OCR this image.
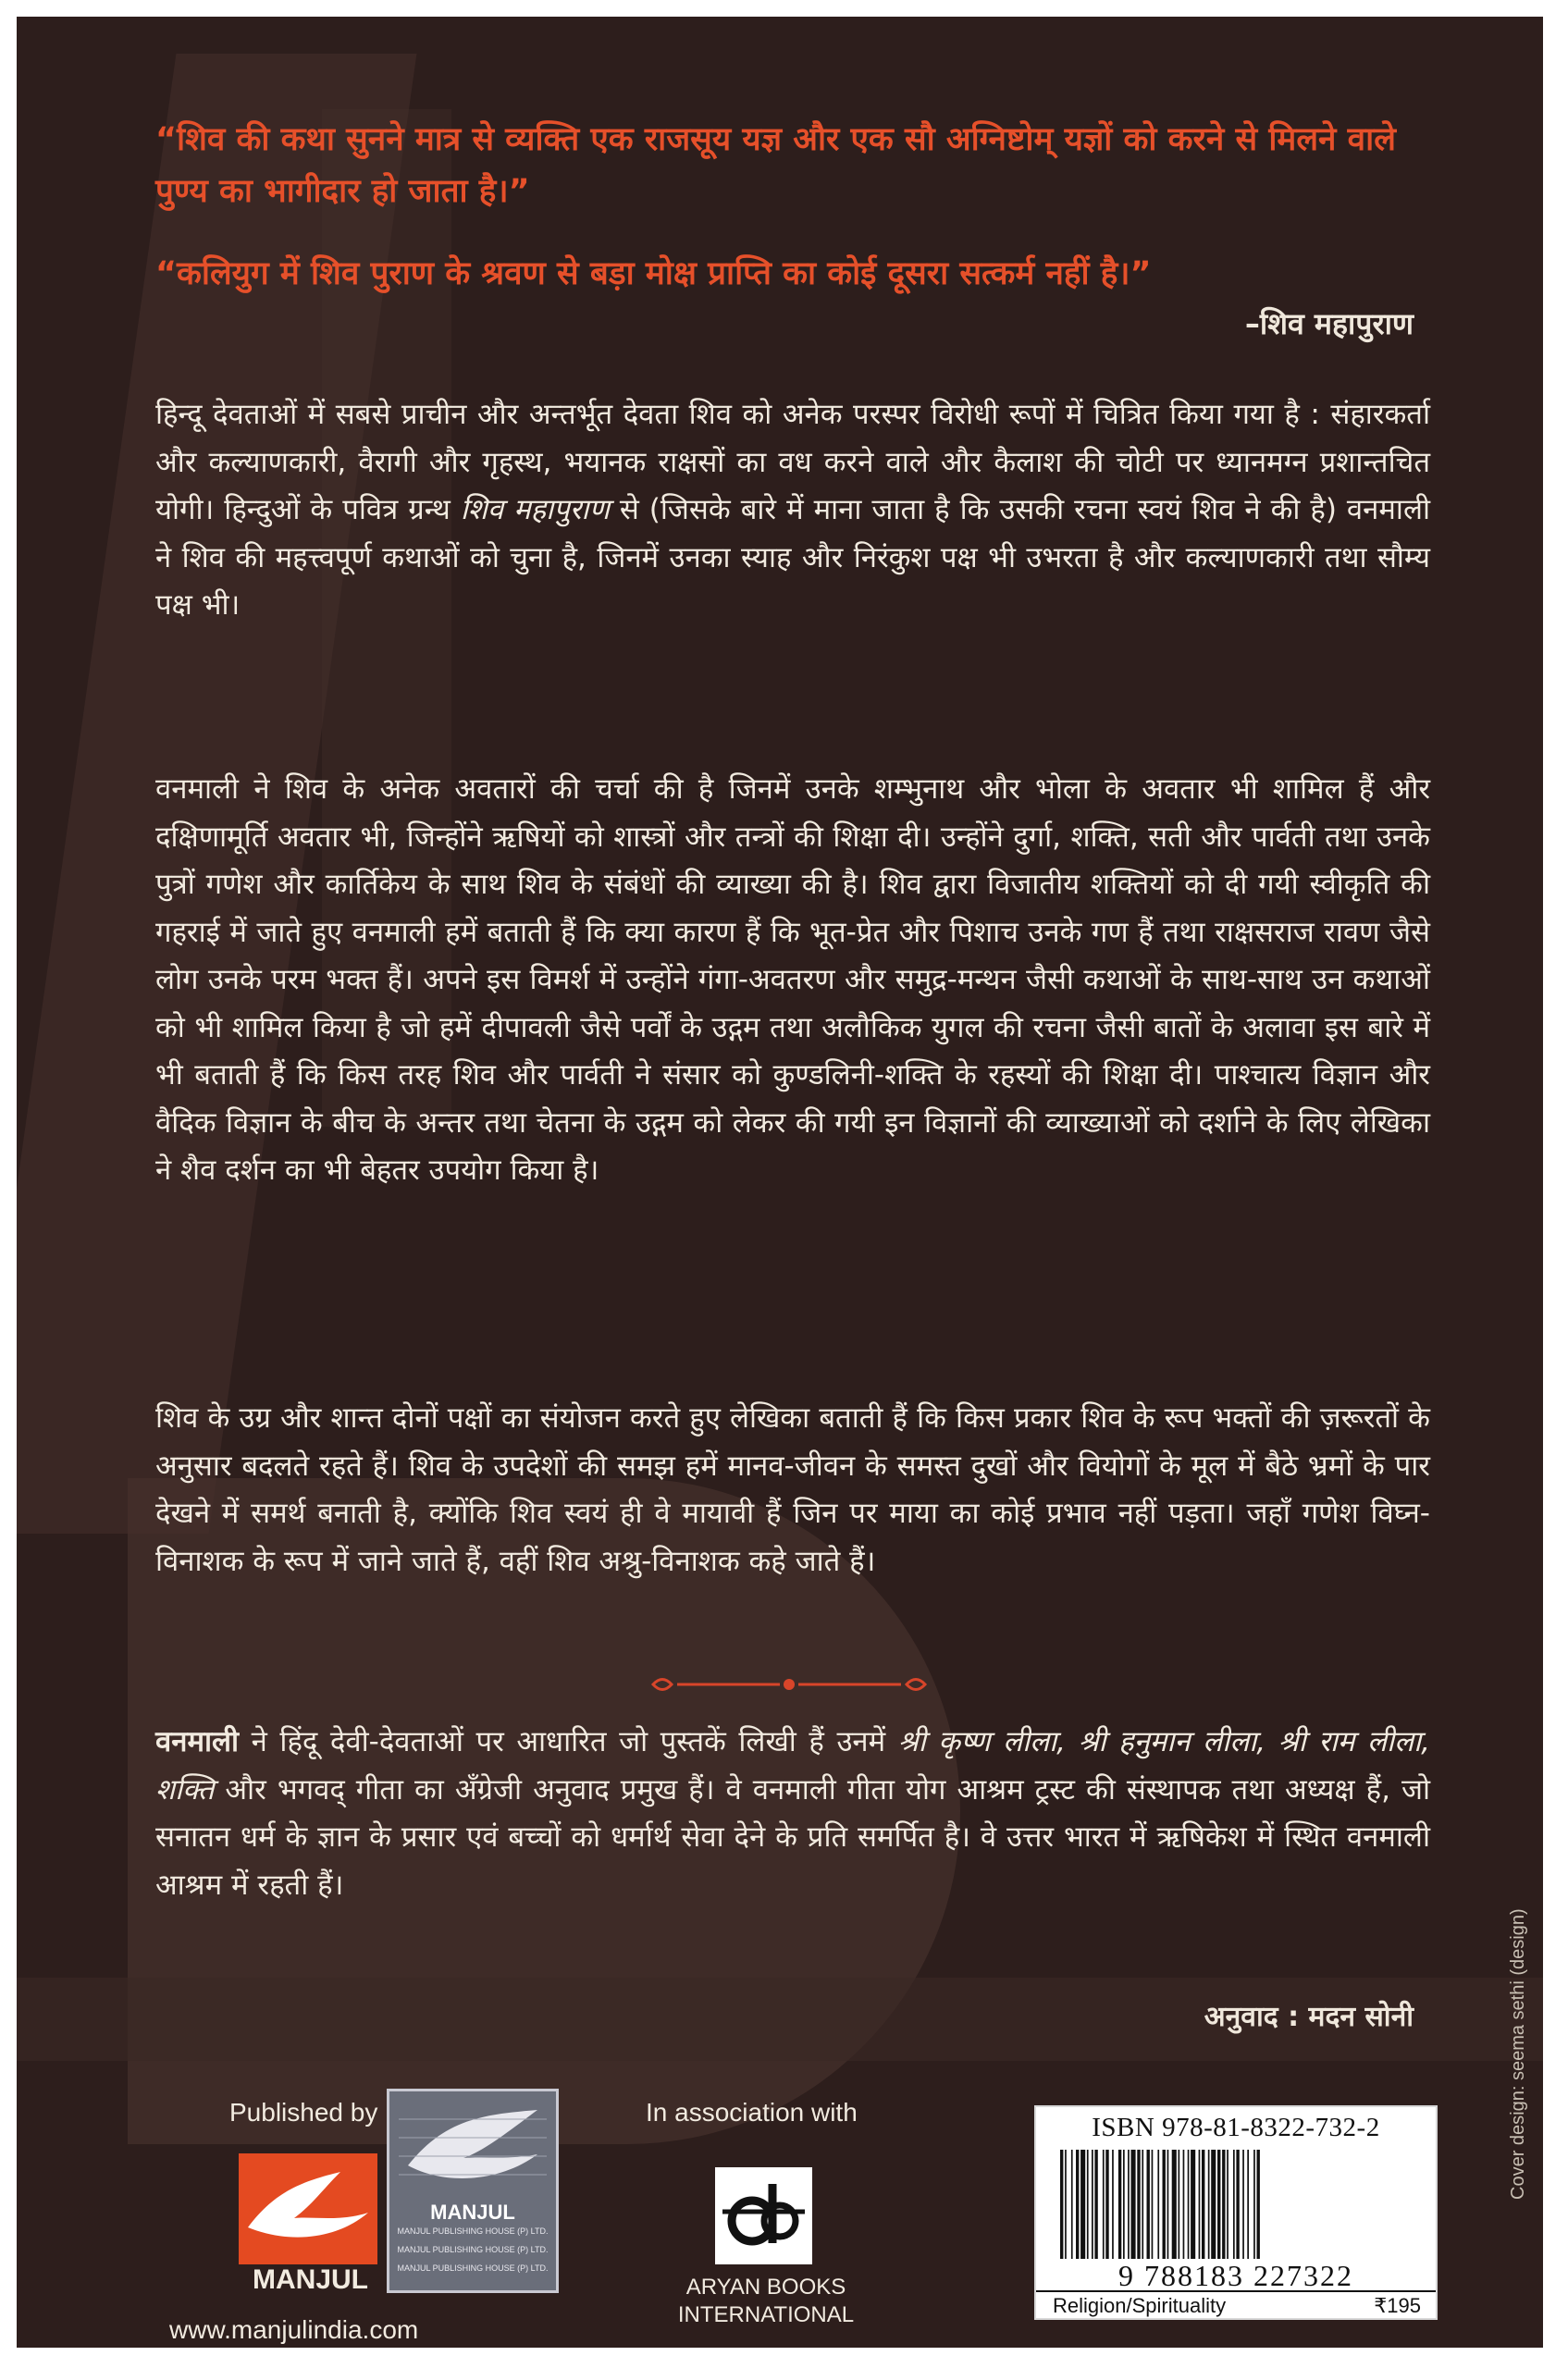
“शिव की कथा सुनने मात्र से व्यक्ति एक राजसूय यज्ञ और एक सौ अग्निष्टोम् यज्ञों को करने से मिलने वाले पुण्य का भागीदार हो जाता है।”
“कलियुग में शिव पुराण के श्रवण से बड़ा मोक्ष प्राप्ति का कोई दूसरा सत्कर्म नहीं है।”
–शिव महापुराण
हिन्दू देवताओं में सबसे प्राचीन और अन्तर्भूत देवता शिव को अनेक परस्पर विरोधी रूपों में चित्रित किया गया है : संहारकर्ता और कल्याणकारी, वैरागी और गृहस्थ, भयानक राक्षसों का वध करने वाले और कैलाश की चोटी पर ध्यानमग्न प्रशान्तचित योगी। हिन्दुओं के पवित्र ग्रन्थ शिव महापुराण से (जिसके बारे में माना जाता है कि उसकी रचना स्वयं शिव ने की है) वनमाली ने शिव की महत्त्वपूर्ण कथाओं को चुना है, जिनमें उनका स्याह और निरंकुश पक्ष भी उभरता है और कल्याणकारी तथा सौम्य पक्ष भी।
वनमाली ने शिव के अनेक अवतारों की चर्चा की है जिनमें उनके शम्भुनाथ और भोला के अवतार भी शामिल हैं और दक्षिणामूर्ति अवतार भी, जिन्होंने ऋषियों को शास्त्रों और तन्त्रों की शिक्षा दी। उन्होंने दुर्गा, शक्ति, सती और पार्वती तथा उनके पुत्रों गणेश और कार्तिकेय के साथ शिव के संबंधों की व्याख्या की है। शिव द्वारा विजातीय शक्तियों को दी गयी स्वीकृति की गहराई में जाते हुए वनमाली हमें बताती हैं कि क्या कारण हैं कि भूत-प्रेत और पिशाच उनके गण हैं तथा राक्षसराज रावण जैसे लोग उनके परम भक्त हैं। अपने इस विमर्श में उन्होंने गंगा-अवतरण और समुद्र-मन्थन जैसी कथाओं के साथ-साथ उन कथाओं को भी शामिल किया है जो हमें दीपावली जैसे पर्वों के उद्गम तथा अलौकिक युगल की रचना जैसी बातों के अलावा इस बारे में भी बताती हैं कि किस तरह शिव और पार्वती ने संसार को कुण्डलिनी-शक्ति के रहस्यों की शिक्षा दी। पाश्चात्य विज्ञान और वैदिक विज्ञान के बीच के अन्तर तथा चेतना के उद्गम को लेकर की गयी इन विज्ञानों की व्याख्याओं को दर्शाने के लिए लेखिका ने शैव दर्शन का भी बेहतर उपयोग किया है।
शिव के उग्र और शान्त दोनों पक्षों का संयोजन करते हुए लेखिका बताती हैं कि किस प्रकार शिव के रूप भक्तों की ज़रूरतों के अनुसार बदलते रहते हैं। शिव के उपदेशों की समझ हमें मानव-जीवन के समस्त दुखों और वियोगों के मूल में बैठे भ्रमों के पार देखने में समर्थ बनाती है, क्योंकि शिव स्वयं ही वे मायावी हैं जिन पर माया का कोई प्रभाव नहीं पड़ता। जहाँ गणेश विघ्न-विनाशक के रूप में जाने जाते हैं, वहीं शिव अश्रु-विनाशक कहे जाते हैं।
वनमाली ने हिंदू देवी-देवताओं पर आधारित जो पुस्तकें लिखी हैं उनमें श्री कृष्ण लीला, श्री हनुमान लीला, श्री राम लीला, शक्ति और भगवद् गीता का अँग्रेजी अनुवाद प्रमुख हैं। वे वनमाली गीता योग आश्रम ट्रस्ट की संस्थापक तथा अध्यक्ष हैं, जो सनातन धर्म के ज्ञान के प्रसार एवं बच्चों को धर्मार्थ सेवा देने के प्रति समर्पित है। वे उत्तर भारत में ऋषिकेश में स्थित वनमाली आश्रम में रहती हैं।
अनुवाद : मदन सोनी
Published by
MANJUL
MANJUL
MANJUL PUBLISHING HOUSE (P) LTD.
MANJUL PUBLISHING HOUSE (P) LTD.
MANJUL PUBLISHING HOUSE (P) LTD.
www.manjulindia.com
In association with
ARYAN BOOKS
INTERNATIONAL
ISBN 978-81-8322-732-2
9 788183 227322
Religion/Spirituality	₹195
Cover design: seema sethi (design)
